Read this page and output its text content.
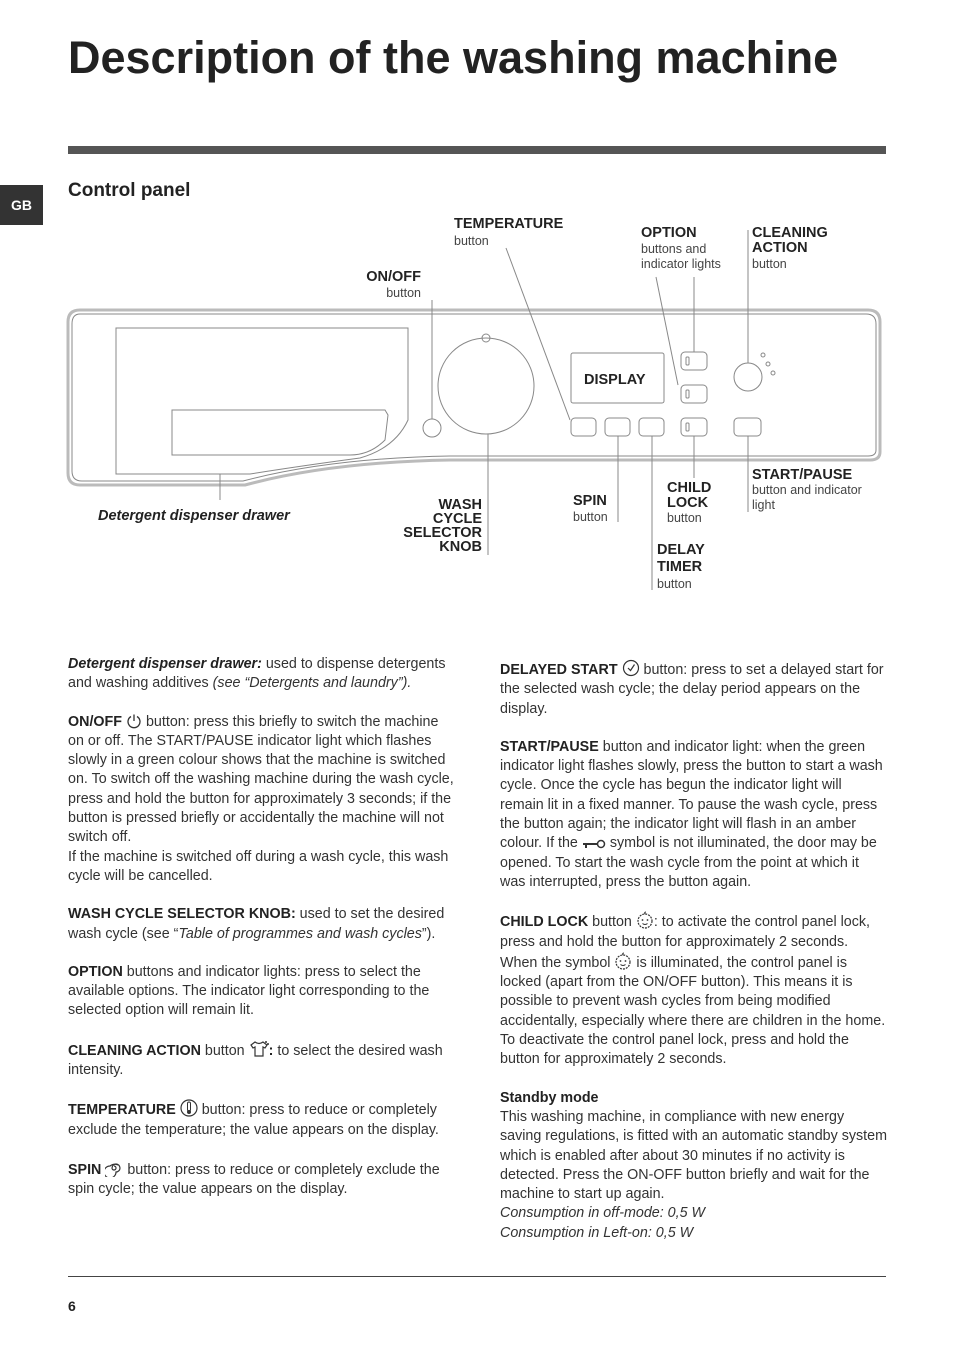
Description of the washing machine
GB
Control panel
DISPLAY
TEMPERATURE
button	OPTION
buttons and
indicator lights
CLEANING
ACTION
button
ON/OFF
button
Detergent dispenser drawer
WASH
CYCLE
SELECTOR
KNOB
SPIN
button
CHILD
LOCK
button
START/PAUSE
button and indicator
light
DELAY
TIMER
button

Detergent dispenser drawer: used to dispense detergents and washing additives (see “Detergents and laundry”).

ON/OFF  button: press this briefly to switch the machine on or off. The START/PAUSE indicator light which flashes slowly in a green colour shows that the machine is switched on. To switch off the washing machine during the wash cycle, press and hold the button for approximately 3 seconds; if the button is pressed briefly or accidentally the machine will not switch off.
If the machine is switched off during a wash cycle, this wash cycle will be cancelled.

WASH CYCLE SELECTOR KNOB: used to set the desired wash cycle (see “Table of programmes and wash cycles”).

OPTION buttons and indicator lights: press to select the available options. The indicator light corresponding to the selected option will remain lit.

CLEANING ACTION button : to select the desired wash intensity.

TEMPERATURE  button: press to reduce or completely exclude the temperature; the value appears on the display.

SPIN  button: press to reduce or completely exclude the spin cycle; the value appears on the display.

DELAYED START  button: press to set a delayed start for the selected wash cycle; the delay period appears on the display.

START/PAUSE button and indicator light: when the green indicator light flashes slowly, press the button to start a wash cycle. Once the cycle has begun the indicator light will remain lit in a fixed manner. To pause the wash cycle, press the button again; the indicator light will flash in an amber colour. If the  symbol is not illuminated, the door may be opened. To start the wash cycle from the point at which it was interrupted, press the button again.

CHILD LOCK button : to activate the control panel lock, press and hold the button for approximately 2 seconds. When the symbol  is illuminated, the control panel is locked (apart from the ON/OFF button). This means it is possible to prevent wash cycles from being modified accidentally, especially where there are children in the home. To deactivate the control panel lock, press and hold the button for approximately 2 seconds.

Standby mode
This washing machine, in compliance with new energy saving regulations, is fitted with an automatic standby system which is enabled after about 30 minutes if no activity is detected. Press the ON-OFF button briefly and wait for the machine to start up again.
Consumption in off-mode: 0,5 W
Consumption in Left-on: 0,5 W

6
